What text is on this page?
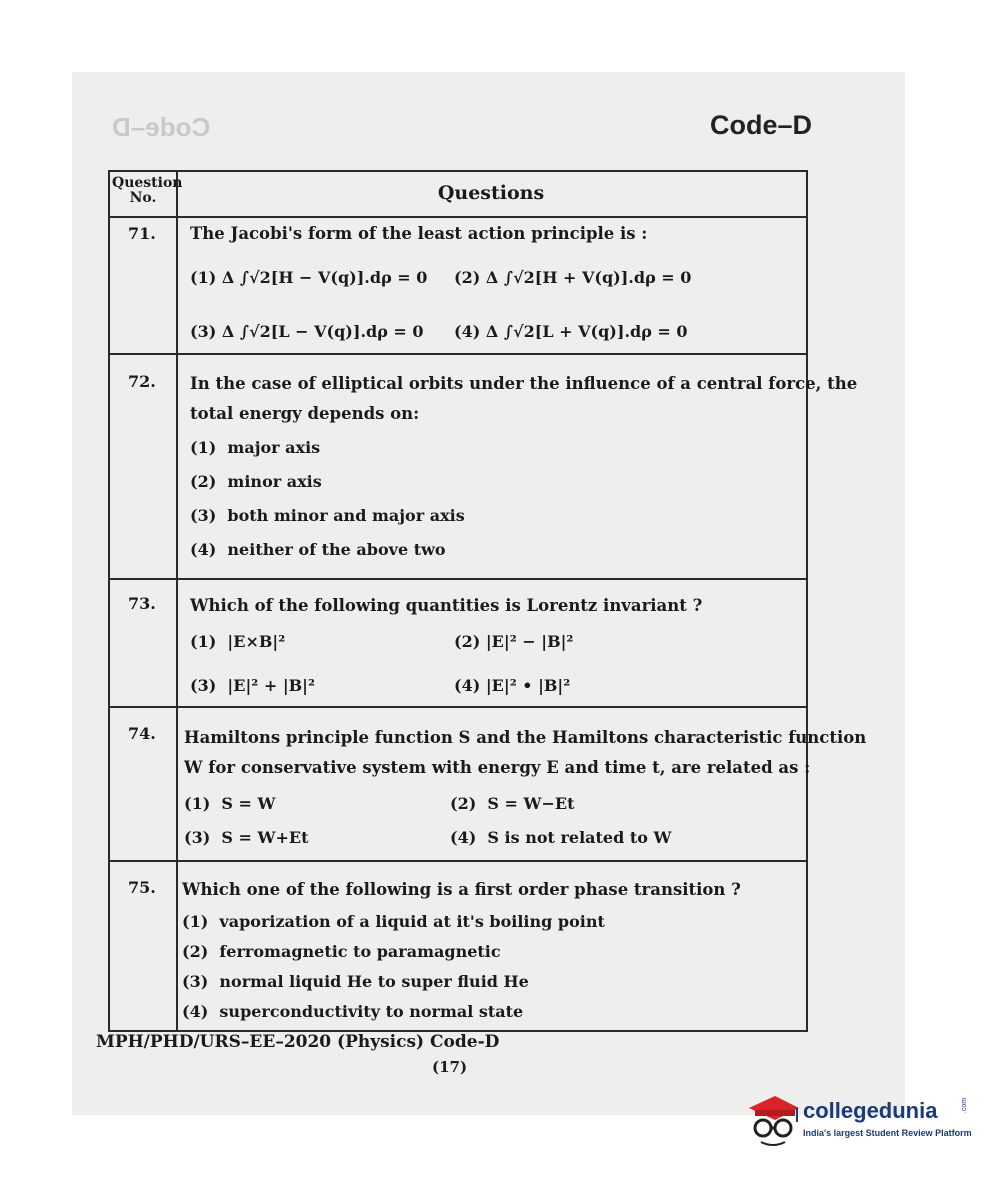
Code–D	Code–D
Question No.	Questions
71. The Jacobi's form of the least action principle is :
(1) Δ ∫√2[H − V(q)].dρ = 0 (2) Δ ∫√2[H + V(q)].dρ = 0
(3) Δ ∫√2[L − V(q)].dρ = 0 (4) Δ ∫√2[L + V(q)].dρ = 0
72. In the case of elliptical orbits under the influence of a central force, the
total energy depends on:
(1) major axis
(2) minor axis
(3) both minor and major axis
(4) neither of the above two
73. Which of the following quantities is Lorentz invariant ?
(1) |E×B|²	(2) |E|² − |B|²
(3) |E|² + |B|²	(4) |E|² • |B|²
74. Hamiltons principle function S and the Hamiltons characteristic function
W for conservative system with energy E and time t, are related as :
(1) S = W	(2) S = W−Et
(3) S = W+Et	(4) S is not related to W
75. Which one of the following is a first order phase transition ?
(1) vaporization of a liquid at it's boiling point
(2) ferromagnetic to paramagnetic
(3) normal liquid He to super fluid He
(4) superconductivity to normal state
MPH/PHD/URS–EE–2020 (Physics) Code-D
(17)
collegedunia
India's largest Student Review Platform
.com
